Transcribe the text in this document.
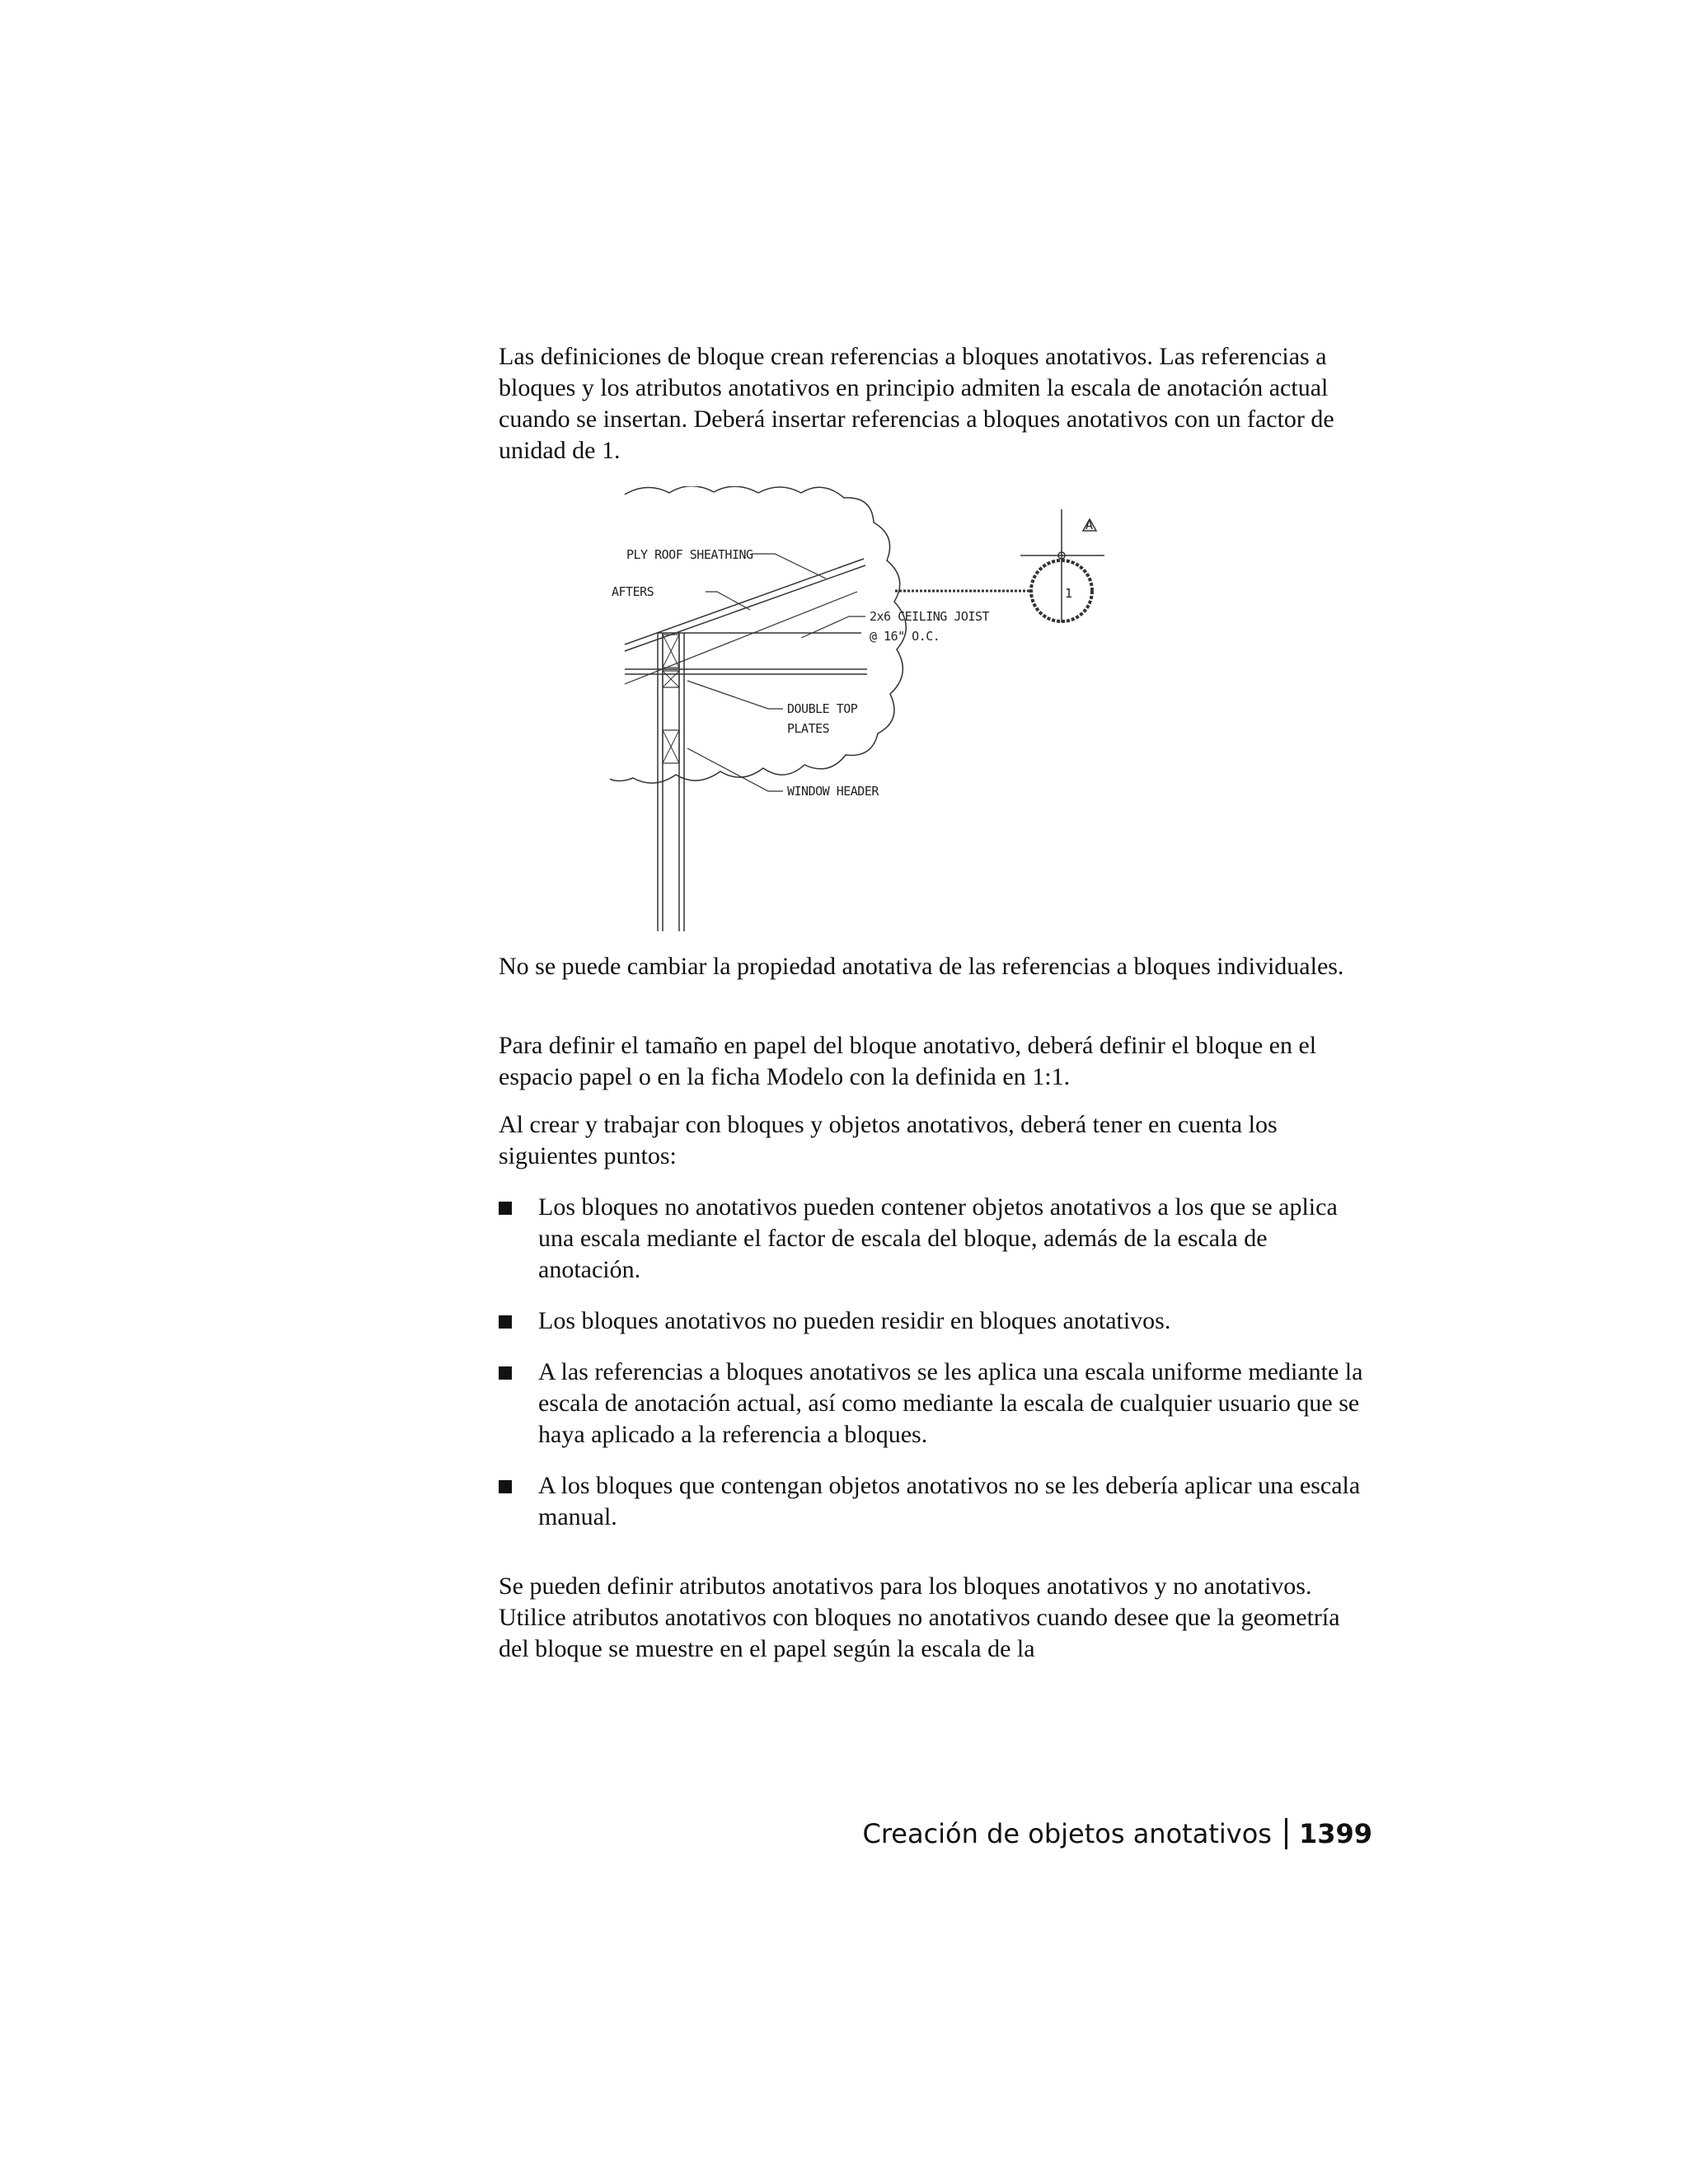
Las definiciones de bloque crean referencias a bloques anotativos. Las referencias a bloques y los atributos anotativos en principio admiten la escala de anotación actual cuando se insertan. Deberá insertar referencias a bloques anotativos con un factor de unidad de 1.

1
A
PLY ROOF SHEATHING
AFTERS
2x6 CEILING JOIST
@ 16" O.C.
DOUBLE TOP
PLATES
WINDOW HEADER

No se puede cambiar la propiedad anotativa de las referencias a bloques individuales.

Para definir el tamaño en papel del bloque anotativo, deberá definir el bloque en el espacio papel o en la ficha Modelo con la definida en 1:1.

Al crear y trabajar con bloques y objetos anotativos, deberá tener en cuenta los siguientes puntos:

Los bloques no anotativos pueden contener objetos anotativos a los que se aplica una escala mediante el factor de escala del bloque, además de la escala de anotación.
Los bloques anotativos no pueden residir en bloques anotativos.
A las referencias a bloques anotativos se les aplica una escala uniforme mediante la escala de anotación actual, así como mediante la escala de cualquier usuario que se haya aplicado a la referencia a bloques.
A los bloques que contengan objetos anotativos no se les debería aplicar una escala manual.

Se pueden definir atributos anotativos para los bloques anotativos y no anotativos. Utilice atributos anotativos con bloques no anotativos cuando desee que la geometría del bloque se muestre en el papel según la escala de la

Creación de objetos anotativos 1399
